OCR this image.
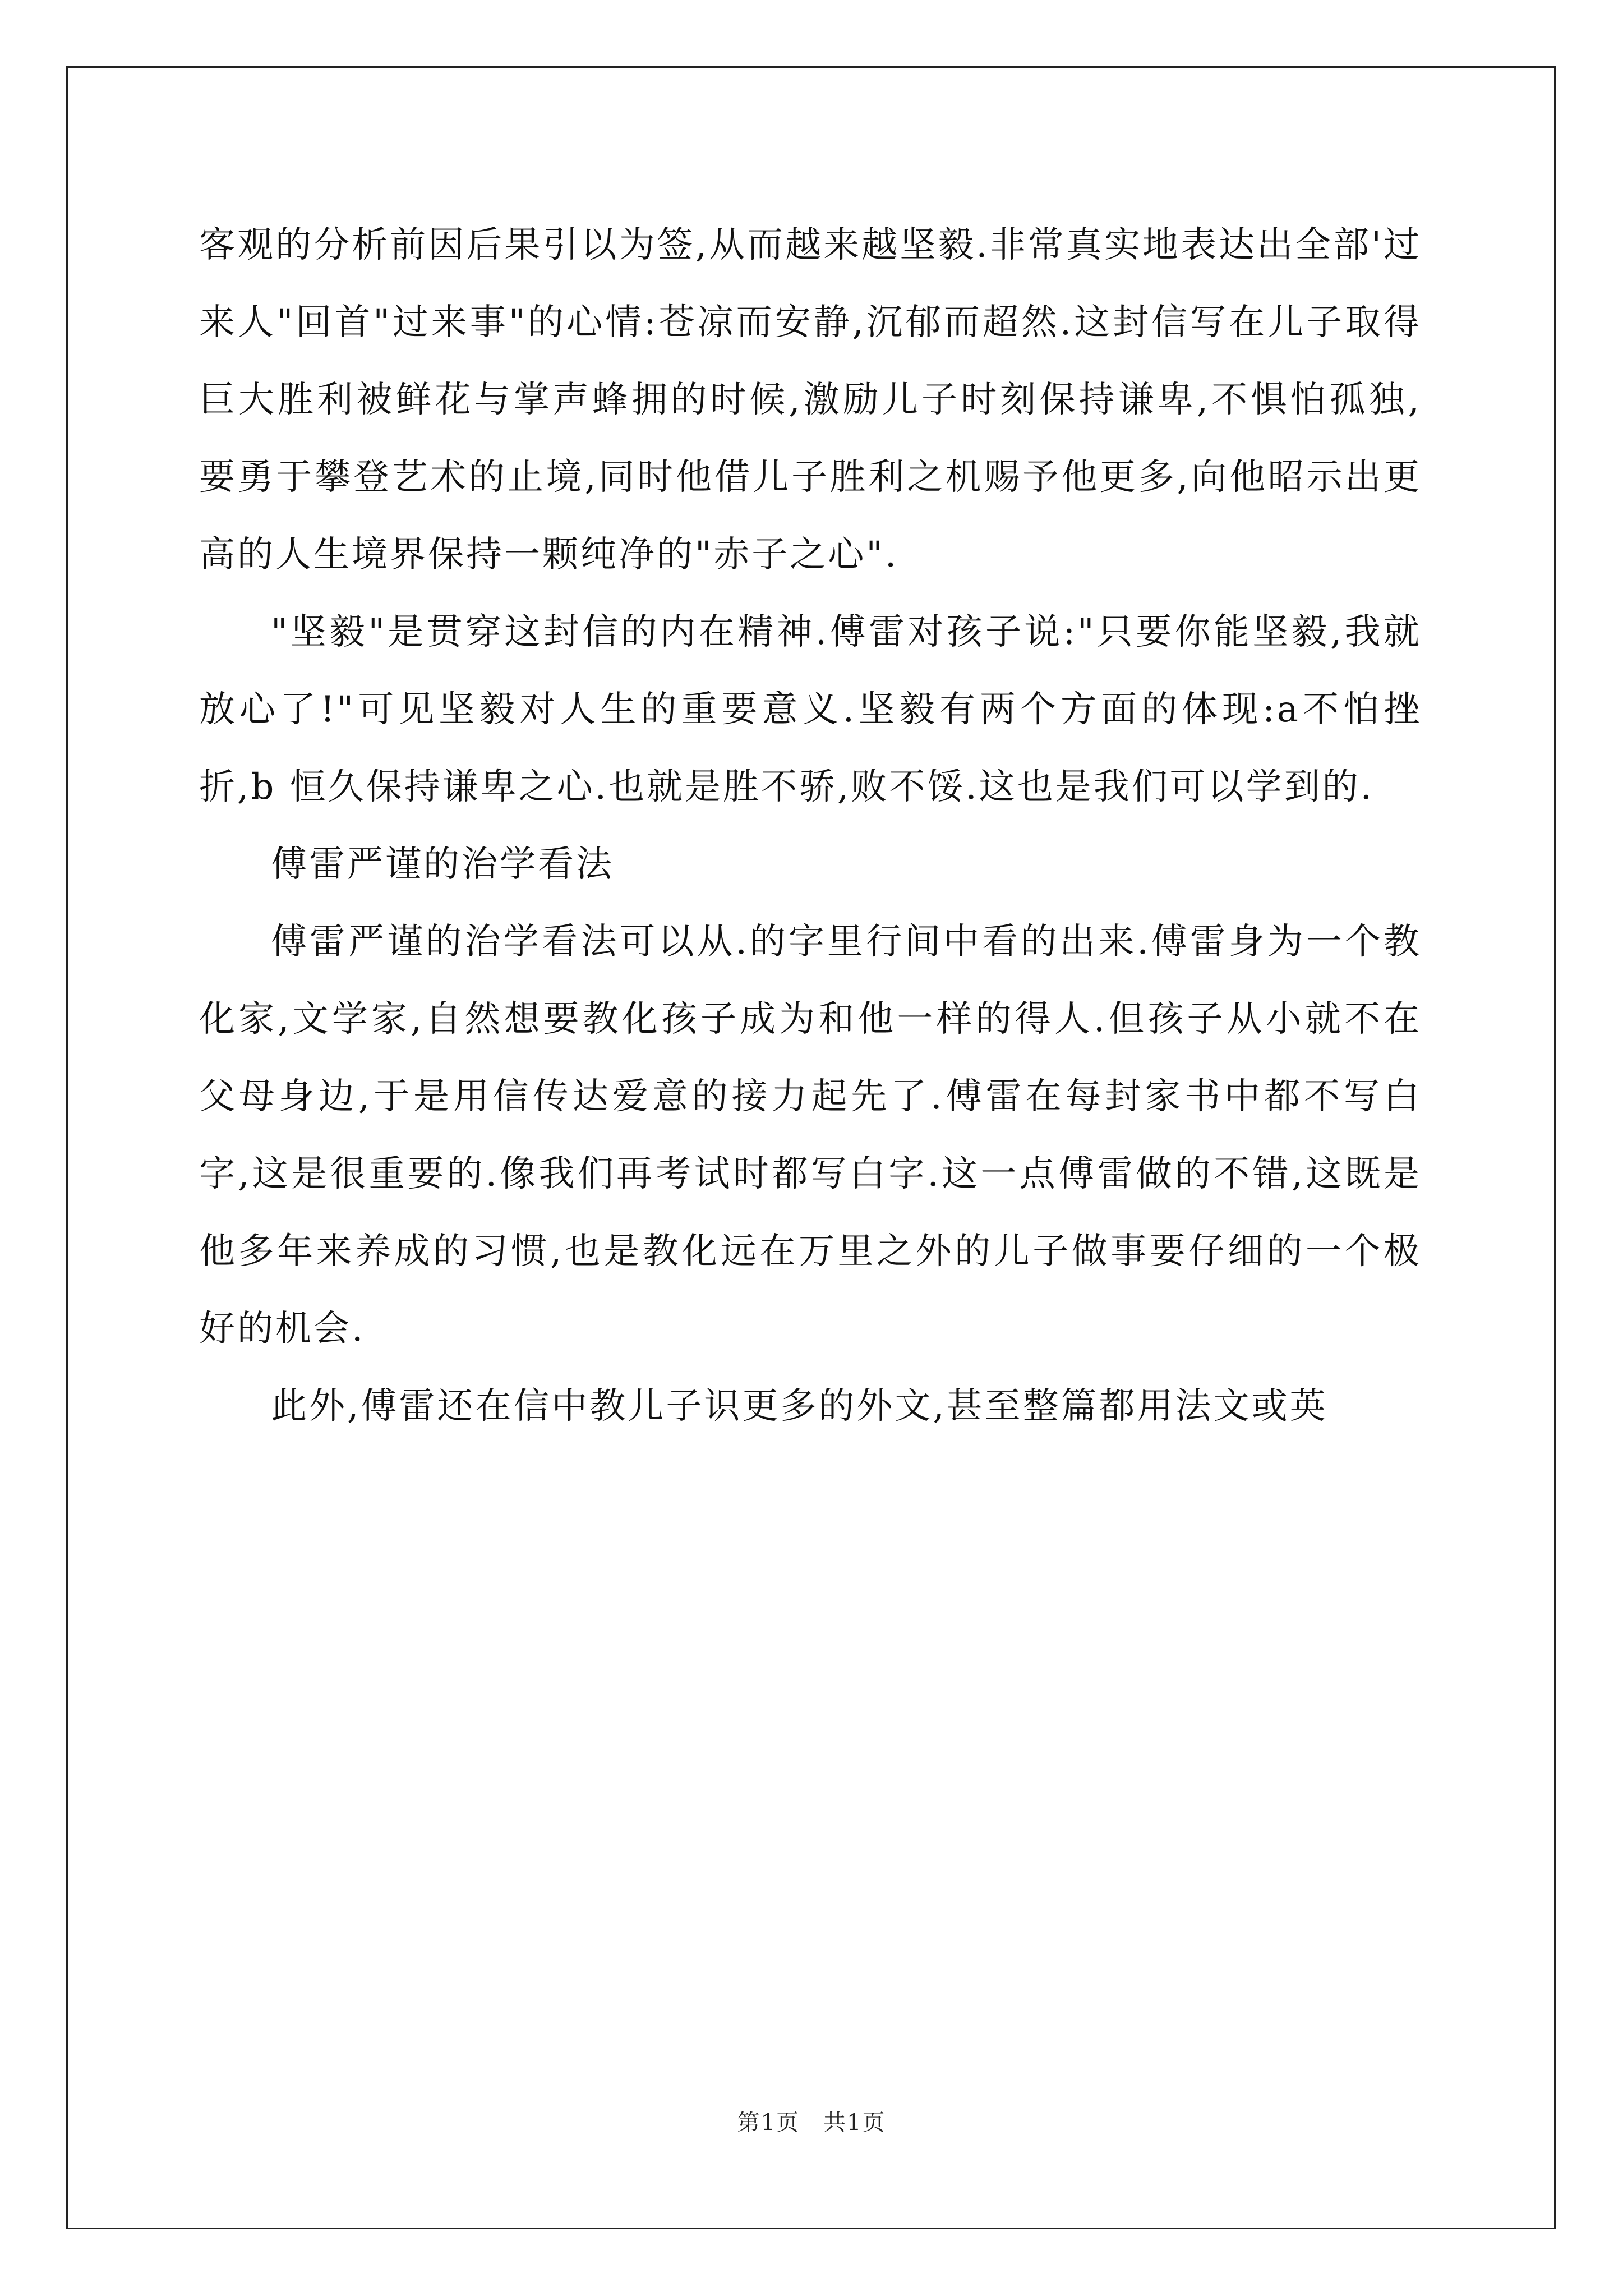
客观的分析前因后果引以为签,从而越来越坚毅.非常真实地表达出全部'过来人"回首"过来事"的心情:苍凉而安静,沉郁而超然.这封信写在儿子取得巨大胜利被鲜花与掌声蜂拥的时候,激励儿子时刻保持谦卑,不惧怕孤独,要勇于攀登艺术的止境,同时他借儿子胜利之机赐予他更多,向他昭示出更高的人生境界保持一颗纯净的"赤子之心".

"坚毅"是贯穿这封信的内在精神.傅雷对孩子说:"只要你能坚毅,我就放心了!"可见坚毅对人生的重要意义.坚毅有两个方面的体现:a不怕挫折,b 恒久保持谦卑之心.也就是胜不骄,败不馁.这也是我们可以学到的.

傅雷严谨的治学看法

傅雷严谨的治学看法可以从.的字里行间中看的出来.傅雷身为一个教化家,文学家,自然想要教化孩子成为和他一样的得人.但孩子从小就不在父母身边,于是用信传达爱意的接力起先了.傅雷在每封家书中都不写白字,这是很重要的.像我们再考试时都写白字.这一点傅雷做的不错,这既是他多年来养成的习惯,也是教化远在万里之外的儿子做事要仔细的一个极好的机会.

此外,傅雷还在信中教儿子识更多的外文,甚至整篇都用法文或英

第1页　共1页
